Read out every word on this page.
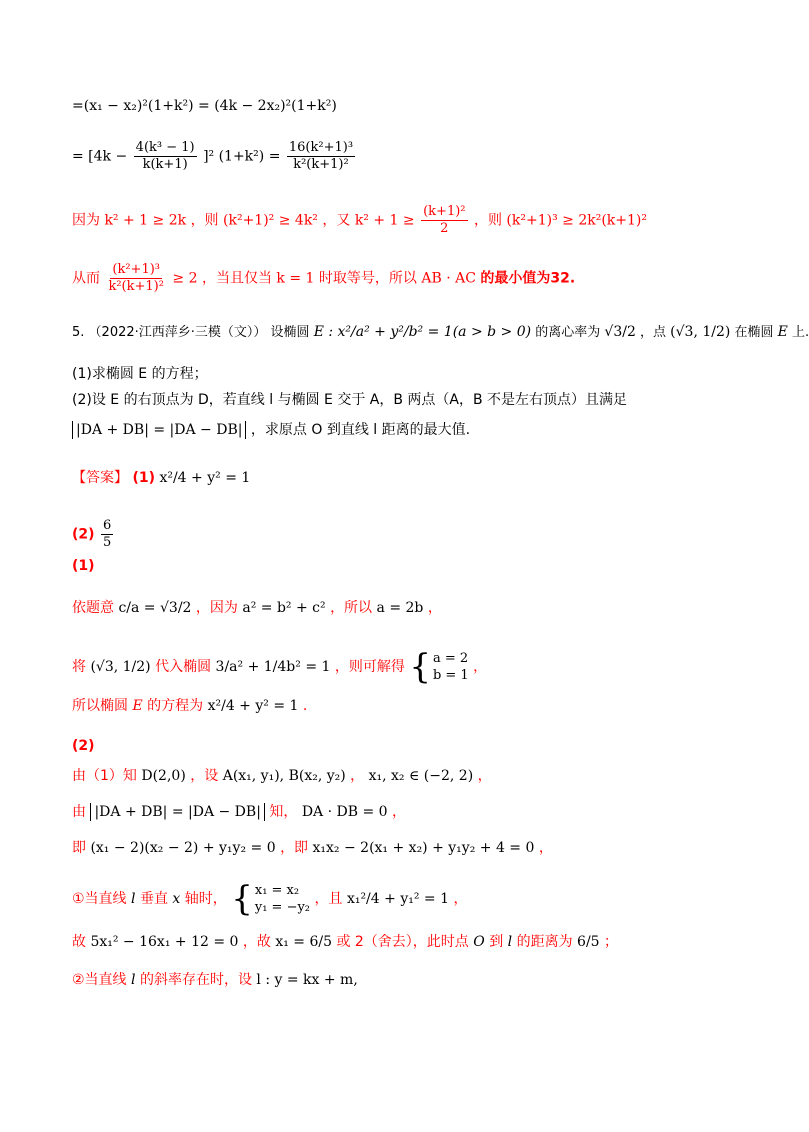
=(x₁ − x₂)²(1+k²) = (4k − 2x₂)²(1+k²)
= $[4k - \frac{\text{4(k³ − 1)}}{k(k+1)} ]^2$ $(1+k^2) = \frac{\text{16(k²+1)³}}{\text{k²(k+1)²}}$
因为 k² + 1 ≥ 2k ，则 (k²+1)² ≥ 4k² ，又 $k^2 + 1 \ge \frac{\text{(k+1)²}}{2}$ ，则 (k²+1)³ ≥ 2k²(k+1)²
从而 $\frac{\text{(k²+1)³}}{\text{k²(k+1)²}} \ge 2$ ，当且仅当 k = 1 时取等号，所以 AB · AC 的最小值为32.
5. （2022·江西萍乡·三模（文）） 设椭圆 E : x²/a² + y²/b² = 1(a > b > 0) 的离心率为 √3/2 ，点 (√3, 1/2) 在椭圆 E 上.
(1)求椭圆 E 的方程；
(2)设 E 的右顶点为 D，若直线 l 与椭圆 E 交于 A，B 两点（A，B 不是左右顶点）且满足
|DA + DB| = |DA − DB| ，求原点 O 到直线 l 距离的最大值.
【答案】 (1) x²/4 + y² = 1
$(2) \frac{6}{5}$
(1)
依题意 c/a = √3/2 ，因为 a² = b² + c² ，所以 a = 2b ，
将 (√3, 1/2) 代入椭圆 3/a² + 1/4b² = 1 ，则可解得 { a = 2
b = 1
，
所以椭圆 E 的方程为 x²/4 + y² = 1 .
(2)
由（1）知 D(2,0) ，设 A(x₁, y₁), B(x₂, y₂) ， x₁, x₂ ∈ (−2, 2) ，
由 |DA + DB| = |DA − DB| 知， DA · DB = 0 ，
即 (x₁ − 2)(x₂ − 2) + y₁y₂ = 0 ，即 x₁x₂ − 2(x₁ + x₂) + y₁y₂ + 4 = 0 ，
①当直线 l 垂直 x 轴时， { x₁ = x₂
y₁ = −y₂
，且 x₁²/4 + y₁² = 1 ，
故 5x₁² − 16x₁ + 12 = 0 ，故 x₁ = 6/5 或 2（舍去），此时点 O 到 l 的距离为 6/5 ；
②当直线 l 的斜率存在时，设 l : y = kx + m,
